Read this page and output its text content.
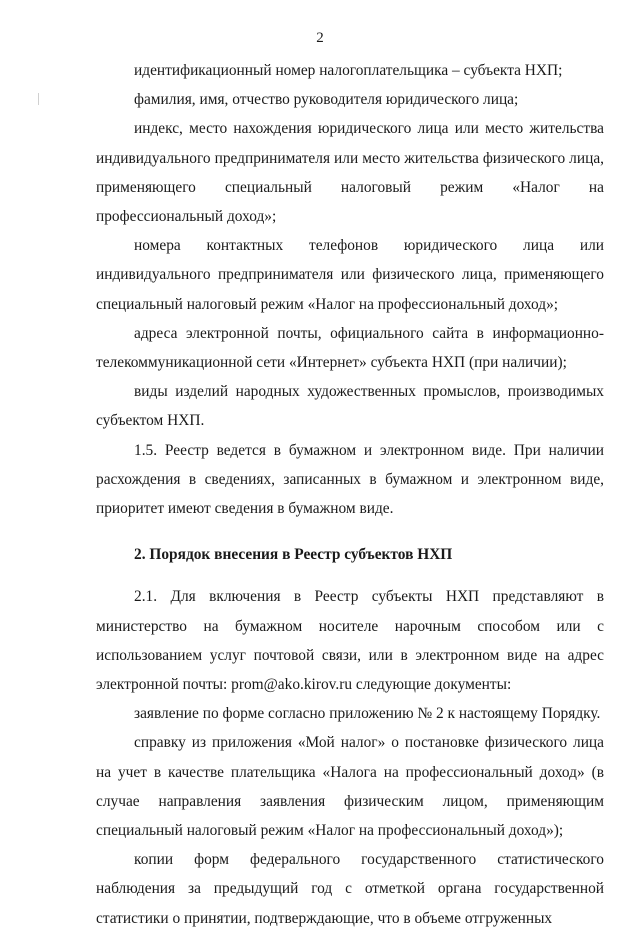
2

идентификационный номер налогоплательщика – субъекта НХП;

фамилия, имя, отчество руководителя юридического лица;

индекс, место нахождения юридического лица или место жительства индивидуального предпринимателя или место жительства физического лица, применяющего специальный налоговый режим «Налог на профессиональный доход»;

номера контактных телефонов юридического лица или индивидуального предпринимателя или физического лица, применяющего специальный налоговый режим «Налог на профессиональный доход»;

адреса электронной почты, официального сайта в информационно-телекоммуникационной сети «Интернет» субъекта НХП (при наличии);

виды изделий народных художественных промыслов, производимых субъектом НХП.

1.5. Реестр ведется в бумажном и электронном виде. При наличии расхождения в сведениях, записанных в бумажном и электронном виде, приоритет имеют сведения в бумажном виде.

2. Порядок внесения в Реестр субъектов НХП

2.1. Для включения в Реестр субъекты НХП представляют в министерство на бумажном носителе нарочным способом или с использованием услуг почтовой связи, или в электронном виде на адрес электронной почты: prom@ako.kirov.ru следующие документы:

заявление по форме согласно приложению № 2 к настоящему Порядку.

справку из приложения «Мой налог» о постановке физического лица на учет в качестве плательщика «Налога на профессиональный доход» (в случае направления заявления физическим лицом, применяющим специальный налоговый режим «Налог на профессиональный доход»);

копии форм федерального государственного статистического наблюдения за предыдущий год с отметкой органа государственной статистики о принятии, подтверждающие, что в объеме отгруженных
